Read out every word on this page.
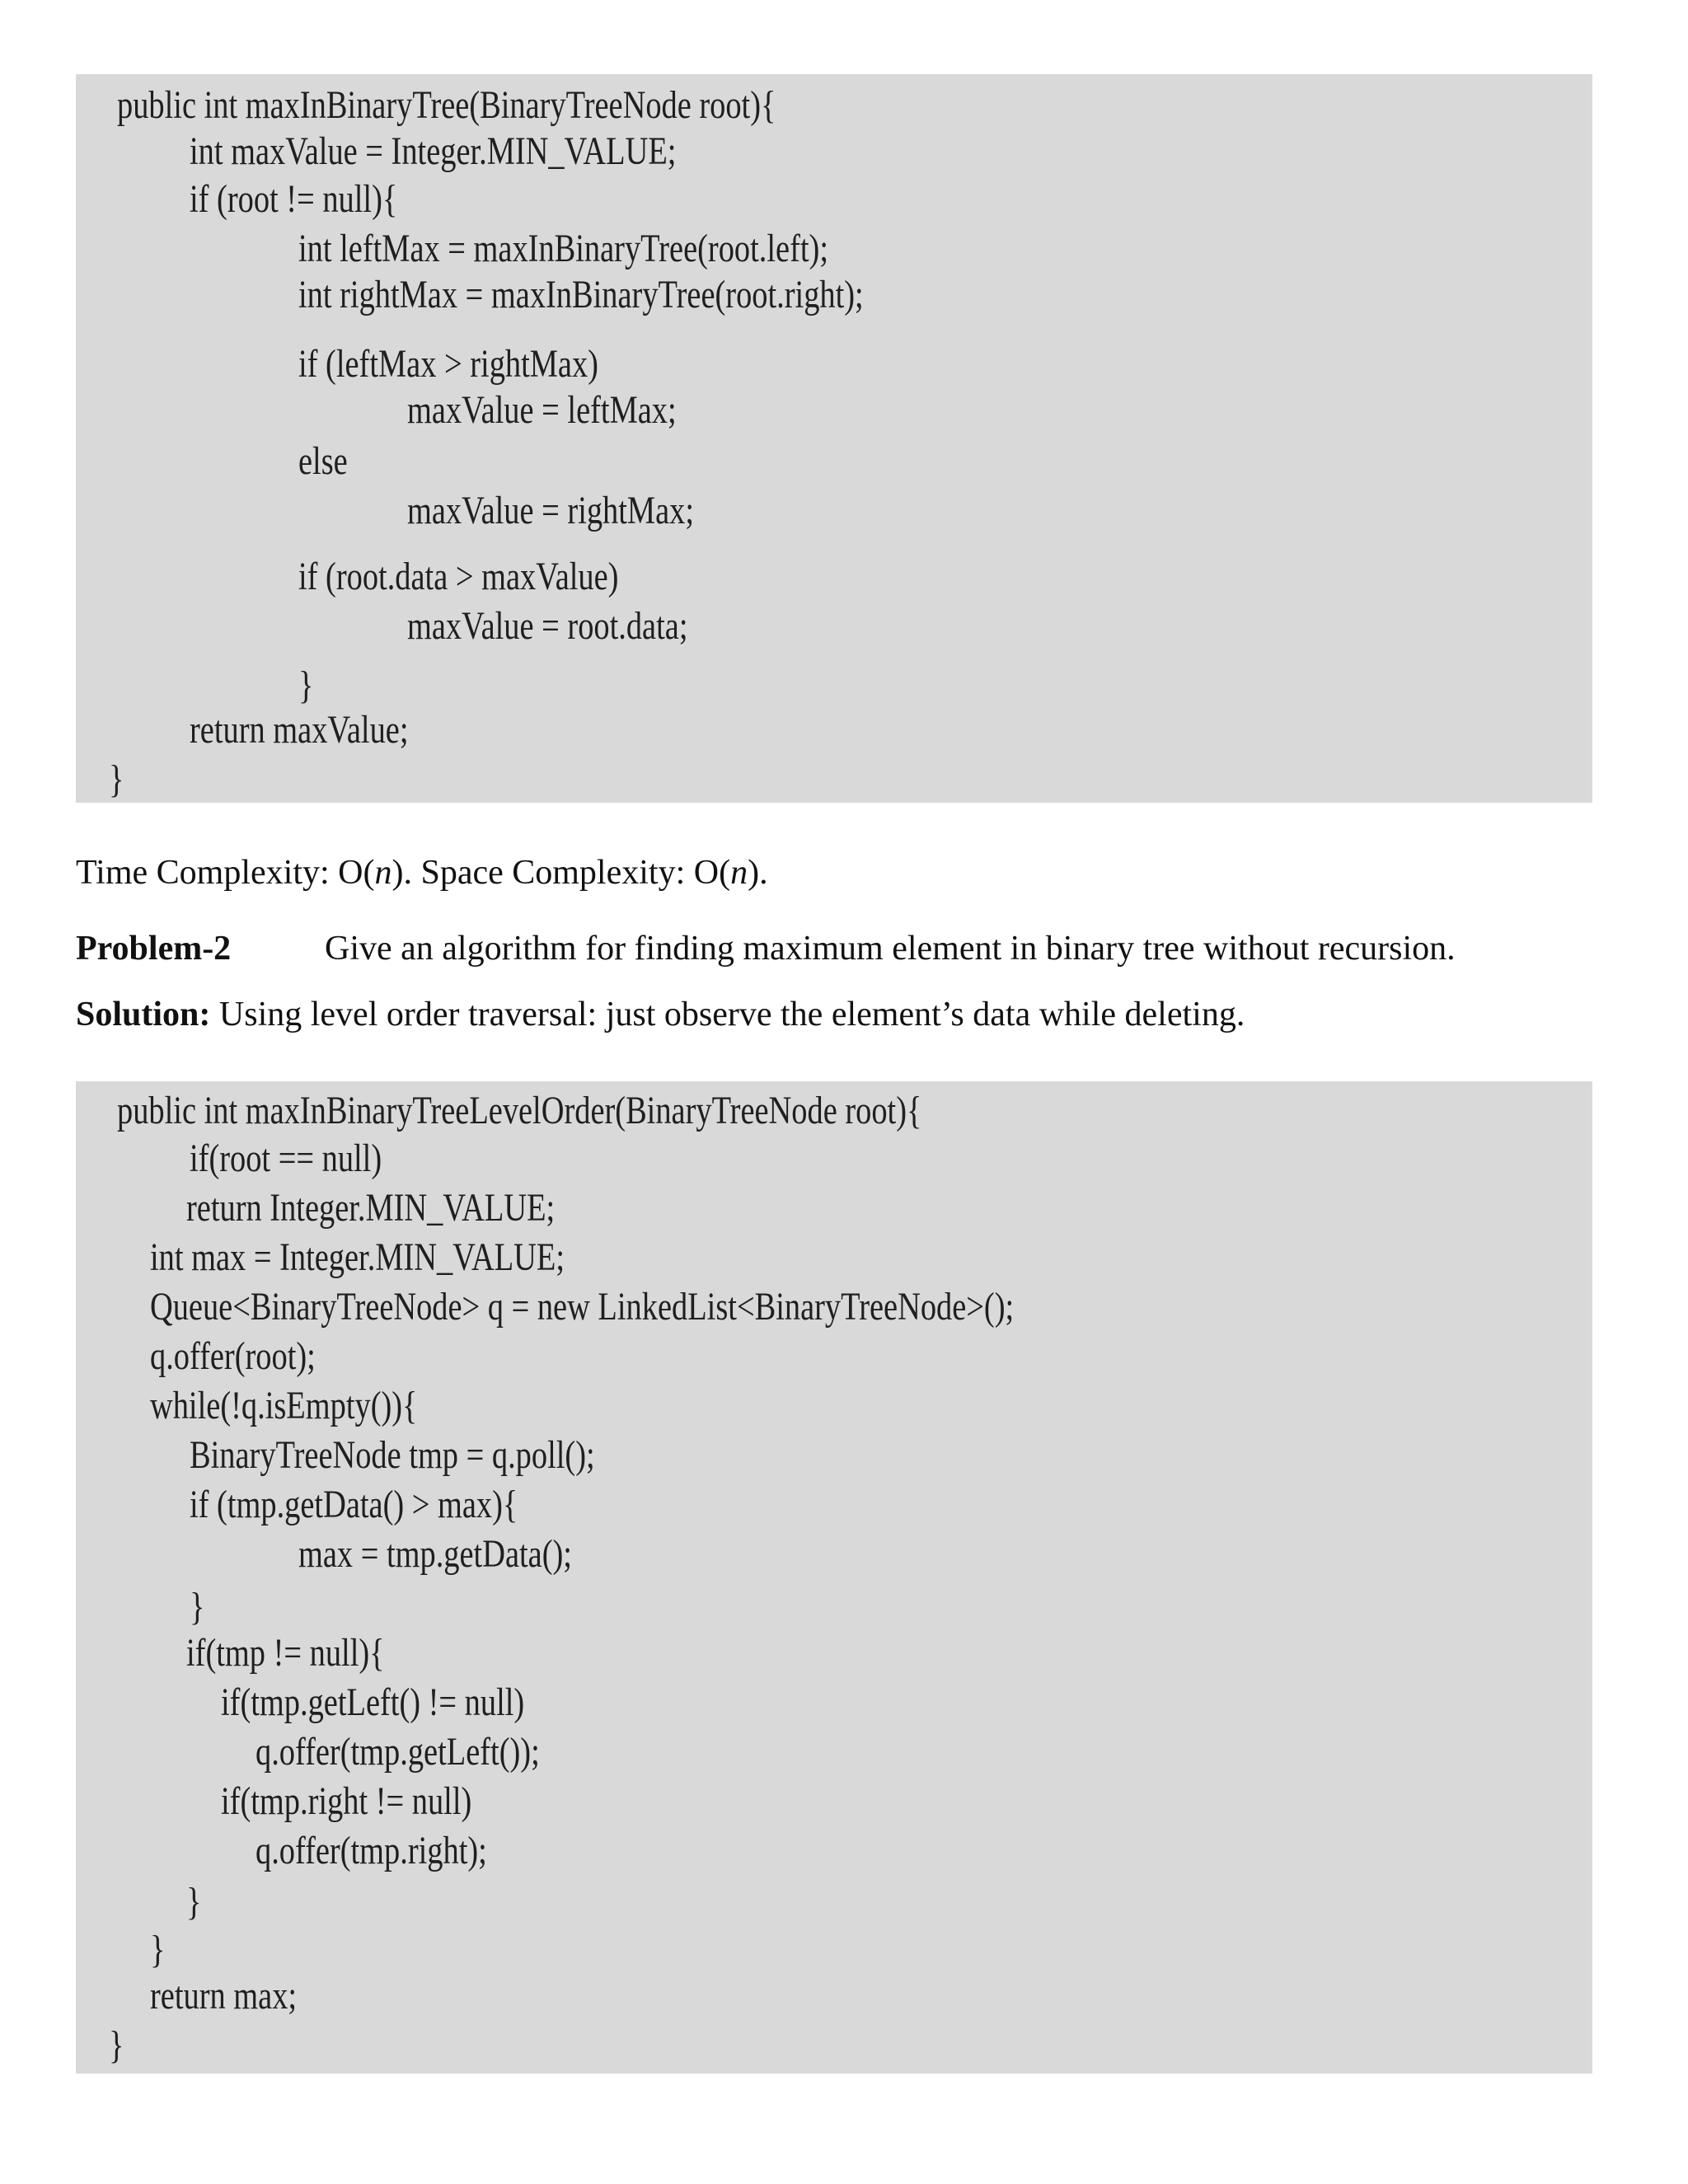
public int maxInBinaryTree(BinaryTreeNode root){
int maxValue = Integer.MIN_VALUE;
if (root != null){
int leftMax = maxInBinaryTree(root.left);
int rightMax = maxInBinaryTree(root.right);
if (leftMax > rightMax)
maxValue = leftMax;
else
maxValue = rightMax;
if (root.data > maxValue)
maxValue = root.data;
}
return maxValue;
}
Time Complexity: O(n). Space Complexity: O(n).
Problem-2	Give an algorithm for finding maximum element in binary tree without recursion.
Solution: Using level order traversal: just observe the element’s data while deleting.
public int maxInBinaryTreeLevelOrder(BinaryTreeNode root){
if(root == null)
return Integer.MIN_VALUE;
int max = Integer.MIN_VALUE;
Queue<BinaryTreeNode> q = new LinkedList<BinaryTreeNode>();
q.offer(root);
while(!q.isEmpty()){
BinaryTreeNode tmp = q.poll();
if (tmp.getData() > max){
max = tmp.getData();
}
if(tmp != null){
if(tmp.getLeft() != null)
q.offer(tmp.getLeft());
if(tmp.right != null)
q.offer(tmp.right);
}
}
return max;
}
